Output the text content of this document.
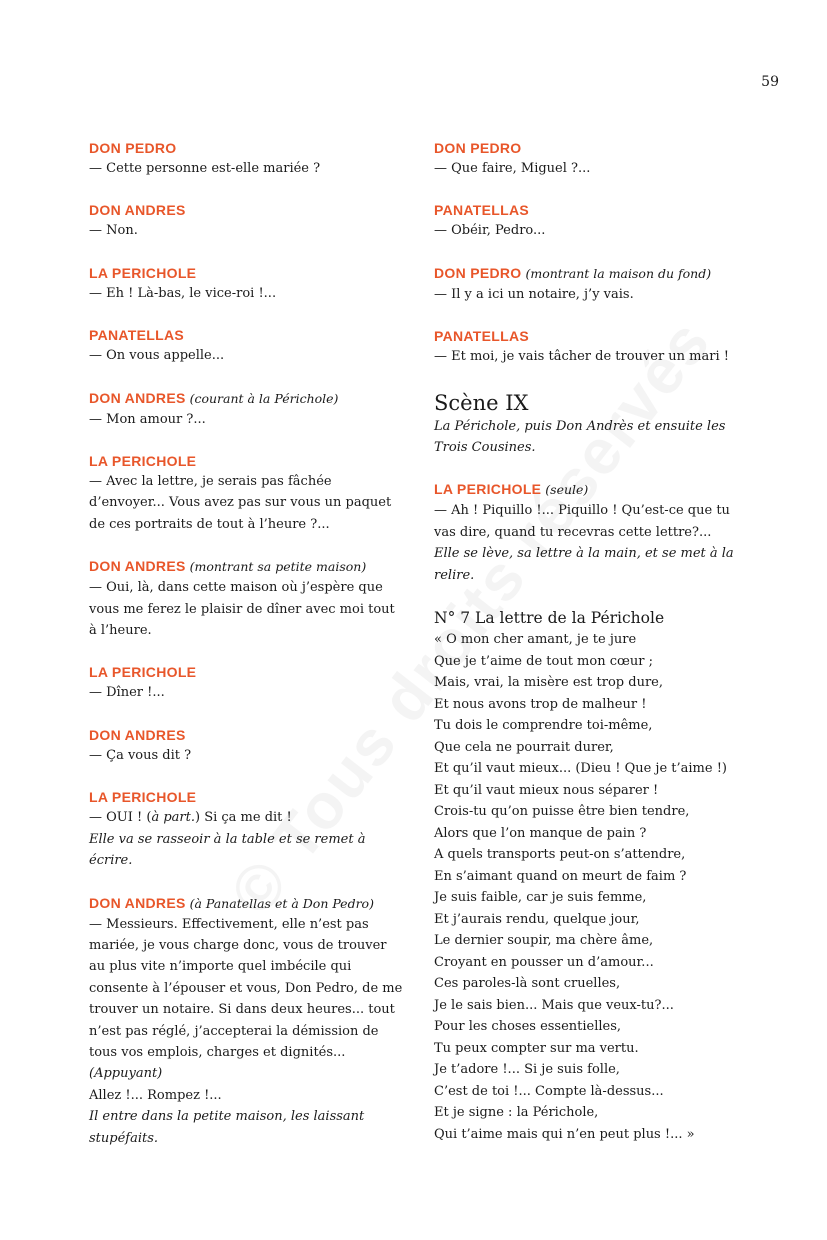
59
DON PEDRO
— Cette personne est-elle mariée ?
DON ANDRES
— Non.
LA PERICHOLE
— Eh ! Là-bas, le vice-roi !...
PANATELLAS
— On vous appelle...
DON ANDRES (courant à la Périchole)
— Mon amour ?...
LA PERICHOLE
— Avec la lettre, je serais pas fâchée
d’envoyer... Vous avez pas sur vous un paquet
de ces portraits de tout à l’heure ?...
DON ANDRES (montrant sa petite maison)
— Oui, là, dans cette maison où j’espère que
vous me ferez le plaisir de dîner avec moi tout
à l’heure.
LA PERICHOLE
— Dîner !...
DON ANDRES
— Ça vous dit ?
LA PERICHOLE
— OUI ! (à part.) Si ça me dit !
Elle va se rasseoir à la table et se remet à écrire.
DON ANDRES (à Panatellas et à Don Pedro)
— Messieurs. Effectivement, elle n’est pas
mariée, je vous charge donc, vous de trouver
au plus vite n’importe quel imbécile qui
consente à l’épouser et vous, Don Pedro, de me
trouver un notaire. Si dans deux heures... tout
n’est pas réglé, j’accepterai la démission de
tous vos emplois, charges et dignités...
(Appuyant)
Allez !... Rompez !...
Il entre dans la petite maison, les laissant
stupéfaits.
DON PEDRO
— Que faire, Miguel ?...
PANATELLAS
— Obéir, Pedro...
DON PEDRO (montrant la maison du fond)
— Il y a ici un notaire, j’y vais.
PANATELLAS
— Et moi, je vais tâcher de trouver un mari !
Scène IX
La Périchole, puis Don Andrès et ensuite les
Trois Cousines.
LA PERICHOLE (seule)
— Ah ! Piquillo !... Piquillo ! Qu’est-ce que tu
vas dire, quand tu recevras cette lettre?...
Elle se lève, sa lettre à la main, et se met à la relire.
N° 7 La lettre de la Périchole
« O mon cher amant, je te jure
Que je t’aime de tout mon cœur ;
Mais, vrai, la misère est trop dure,
Et nous avons trop de malheur !
Tu dois le comprendre toi-même,
Que cela ne pourrait durer,
Et qu’il vaut mieux... (Dieu ! Que je t’aime !)
Et qu’il vaut mieux nous séparer !
Crois-tu qu’on puisse être bien tendre,
Alors que l’on manque de pain ?
A quels transports peut-on s’attendre,
En s’aimant quand on meurt de faim ?
Je suis faible, car je suis femme,
Et j’aurais rendu, quelque jour,
Le dernier soupir, ma chère âme,
Croyant en pousser un d’amour...
Ces paroles-là sont cruelles,
Je le sais bien... Mais que veux-tu?...
Pour les choses essentielles,
Tu peux compter sur ma vertu.
Je t’adore !... Si je suis folle,
C’est de toi !... Compte là-dessus...
Et je signe : la Périchole,
Qui t’aime mais qui n’en peut plus !... »
